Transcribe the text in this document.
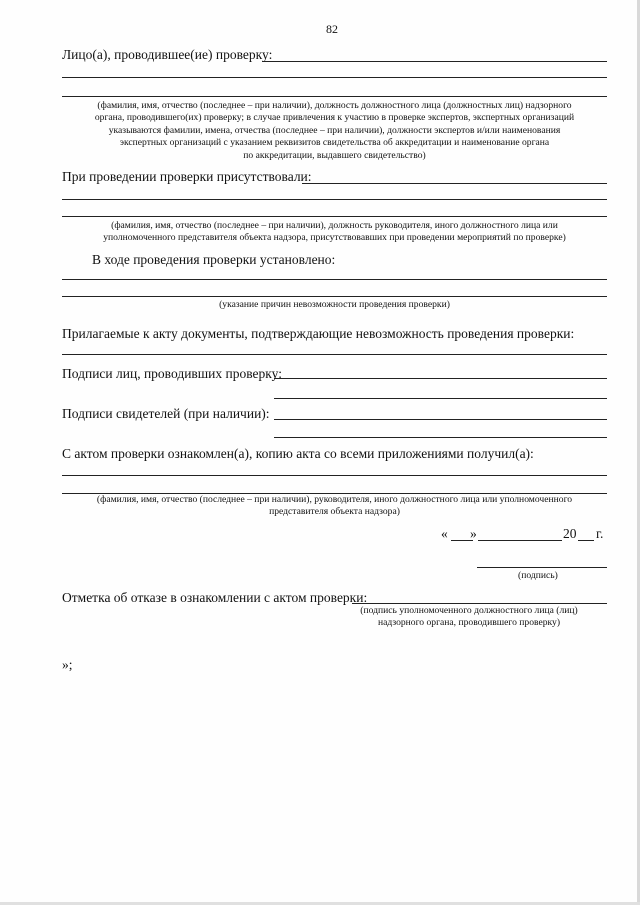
82
Лицо(а), проводившее(ие) проверку:
(фамилия, имя, отчество (последнее – при наличии), должность должностного лица (должностных лиц) надзорного
органа, проводившего(их) проверку; в случае привлечения к участию в проверке экспертов, экспертных организаций
указываются фамилии, имена, отчества (последнее – при наличии), должности экспертов и/или наименования
экспертных организаций с указанием реквизитов свидетельства об аккредитации и наименование органа
по аккредитации, выдавшего свидетельство)
При проведении проверки присутствовали:
(фамилия, имя, отчество (последнее – при наличии), должность руководителя, иного должностного лица или
уполномоченного представителя объекта надзора, присутствовавших при проведении мероприятий по проверке)
В ходе проведения проверки установлено:
(указание причин невозможности проведения проверки)
Прилагаемые к акту документы, подтверждающие невозможность проведения проверки:
Подписи лиц, проводивших проверку:
Подписи свидетелей (при наличии):
С актом проверки ознакомлен(а), копию акта со всеми приложениями получил(а):
(фамилия, имя, отчество (последнее – при наличии), руководителя, иного должностного лица или уполномоченного
представителя объекта надзора)
« »	20 г.
(подпись)
Отметка об отказе в ознакомлении с актом проверки:
(подпись уполномоченного должностного лица (лиц)
надзорного органа, проводившего проверку)
»;
